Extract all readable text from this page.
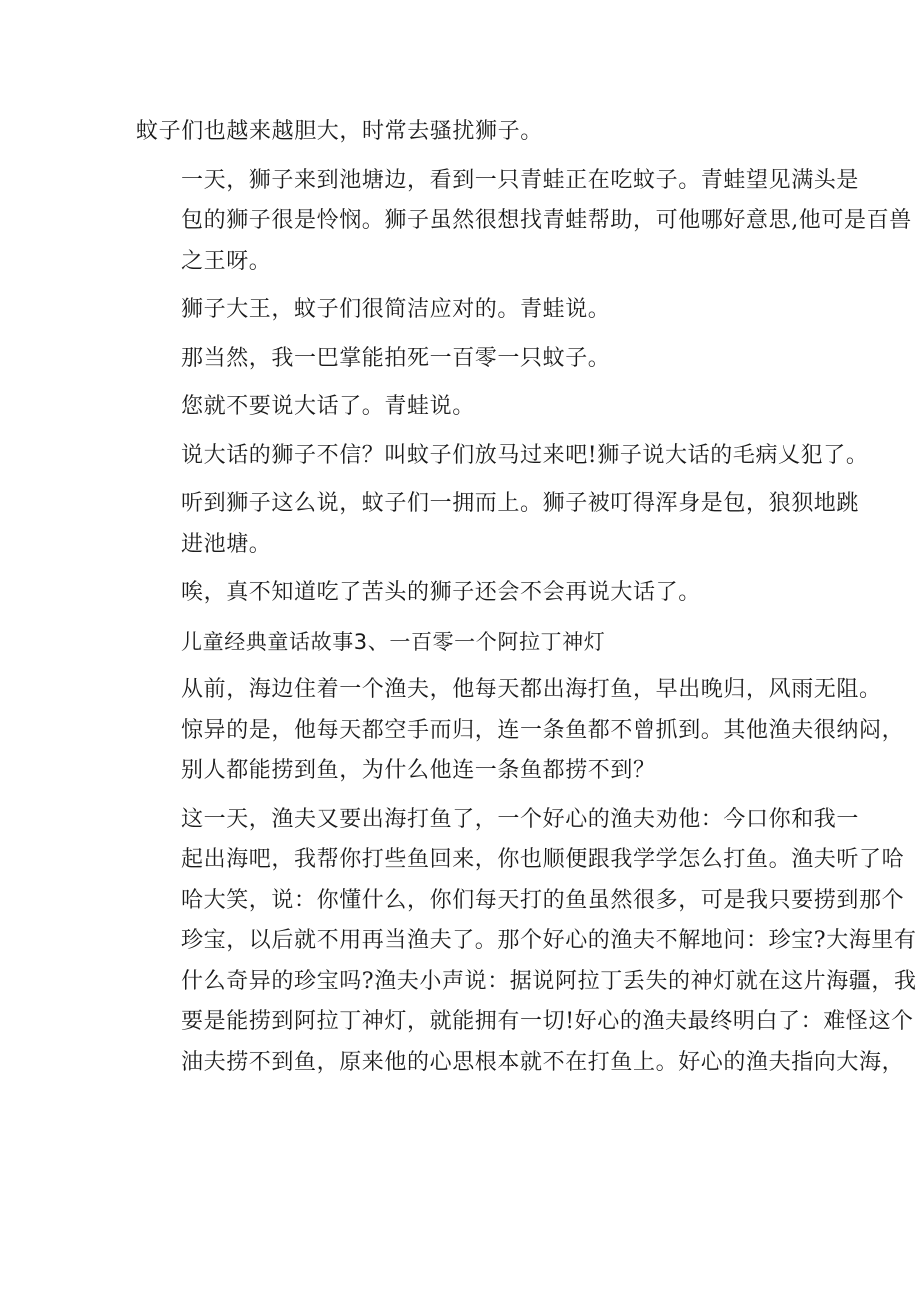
蚊子们也越来越胆大，时常去骚扰狮子。
一天，狮子来到池塘边，看到一只青蛙正在吃蚊子。青蛙望见满头是
包的狮子很是怜悯。狮子虽然很想找青蛙帮助，可他哪好意思,他可是百兽
之王呀。
狮子大王，蚊子们很简洁应对的。青蛙说。
那当然，我一巴掌能拍死一百零一只蚊子。
您就不要说大话了。青蛙说。
说大话的狮子不信？叫蚊子们放马过来吧!狮子说大话的毛病乂犯了。
听到狮子这么说，蚊子们一拥而上。狮子被叮得浑身是包，狼狈地跳
进池塘。
唉，真不知道吃了苦头的狮子还会不会再说大话了。
儿童经典童话故事3、一百零一个阿拉丁神灯
从前，海边住着一个渔夫，他每天都出海打鱼，早出晚归，风雨无阻。
惊异的是，他每天都空手而归，连一条鱼都不曾抓到。其他渔夫很纳闷，
别人都能捞到鱼，为什么他连一条鱼都捞不到？
这一天，渔夫又要出海打鱼了，一个好心的渔夫劝他：今口你和我一
起出海吧，我帮你打些鱼回来，你也顺便跟我学学怎么打鱼。渔夫听了哈
哈大笑，说：你懂什么，你们每天打的鱼虽然很多，可是我只要捞到那个
珍宝，以后就不用再当渔夫了。那个好心的渔夫不解地问：珍宝?大海里有
什么奇异的珍宝吗?渔夫小声说：据说阿拉丁丢失的神灯就在这片海疆，我
要是能捞到阿拉丁神灯，就能拥有一切!好心的渔夫最终明白了：难怪这个
油夫捞不到鱼，原来他的心思根本就不在打鱼上。好心的渔夫指向大海，
